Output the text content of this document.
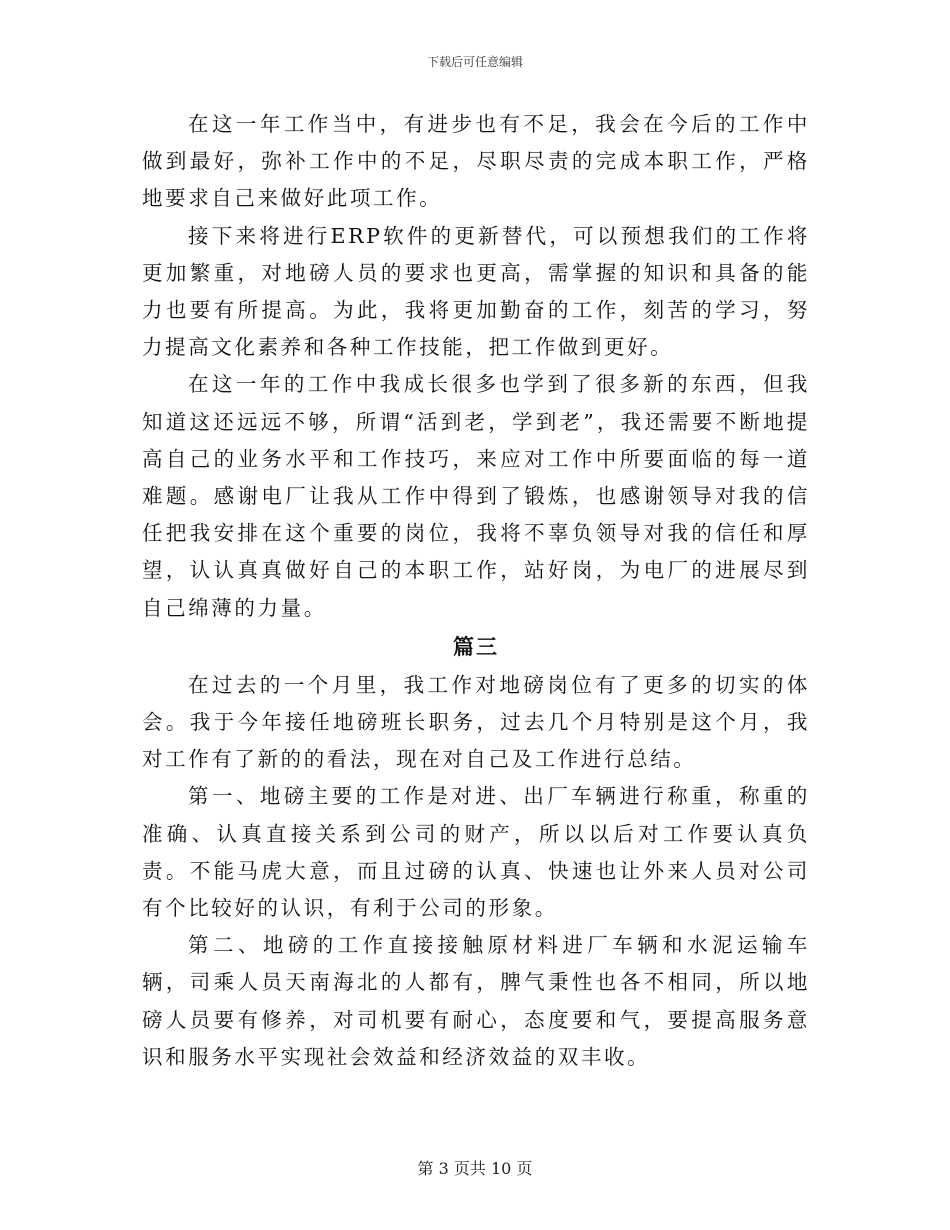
下载后可任意编辑

在这一年工作当中，有进步也有不足，我会在今后的工作中做到最好，弥补工作中的不足，尽职尽责的完成本职工作，严格地要求自己来做好此项工作。

接下来将进行ERP软件的更新替代，可以预想我们的工作将更加繁重，对地磅人员的要求也更高，需掌握的知识和具备的能力也要有所提高。为此，我将更加勤奋的工作，刻苦的学习，努力提高文化素养和各种工作技能，把工作做到更好。

在这一年的工作中我成长很多也学到了很多新的东西，但我知道这还远远不够，所谓“活到老，学到老”，我还需要不断地提高自己的业务水平和工作技巧，来应对工作中所要面临的每一道难题。感谢电厂让我从工作中得到了锻炼，也感谢领导对我的信任把我安排在这个重要的岗位，我将不辜负领导对我的信任和厚望，认认真真做好自己的本职工作，站好岗，为电厂的进展尽到自己绵薄的力量。

篇三

在过去的一个月里，我工作对地磅岗位有了更多的切实的体会。我于今年接任地磅班长职务，过去几个月特别是这个月，我对工作有了新的的看法，现在对自己及工作进行总结。

第一、地磅主要的工作是对进、出厂车辆进行称重，称重的准确、认真直接关系到公司的财产，所以以后对工作要认真负责。不能马虎大意，而且过磅的认真、快速也让外来人员对公司有个比较好的认识，有利于公司的形象。

第二、地磅的工作直接接触原材料进厂车辆和水泥运输车辆，司乘人员天南海北的人都有，脾气秉性也各不相同，所以地磅人员要有修养，对司机要有耐心，态度要和气，要提高服务意识和服务水平实现社会效益和经济效益的双丰收。

第 3 页共 10 页
